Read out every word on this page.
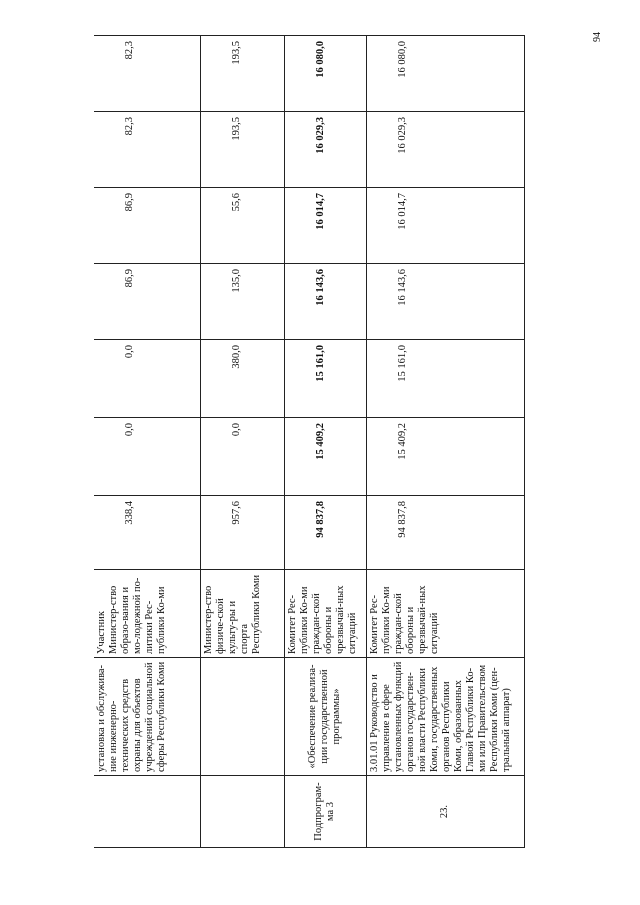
94
	установка и обслужива-ние инженерно-технических средств охраны для объектов учреждений социальной сферы Республики Коми	Участник Министер-ство образо-вания и мо-лодежной по-литики Рес-публики Ко-ми	338,4	0,0	0,0	86,9	86,9	82,3	82,3
		Министер-ство физиче-ской культу-ры и спорта Республики Коми	957,6	0,0	380,0	135,0	55,6	193,5	193,5
Подпрограм-ма 3	«Обеспечение реализа-ции государственной программы»	Комитет Рес-публики Ко-ми граждан-ской обороны и чрезвычай-ных ситуаций	94 837,8	15 409,2	15 161,0	16 143,6	16 014,7	16 029,3	16 080,0
23.	3.01.01 Руководство и управление в сфере установленных функций органов государствен-ной власти Республики Коми, государственных органов Республики Коми, образованных Главой Республики Ко-ми или Правительством Республики Коми (цен-тральный аппарат)	Комитет Рес-публики Ко-ми граждан-ской обороны и чрезвычай-ных ситуаций	94 837,8	15 409,2	15 161,0	16 143,6	16 014,7	16 029,3	16 080,0
